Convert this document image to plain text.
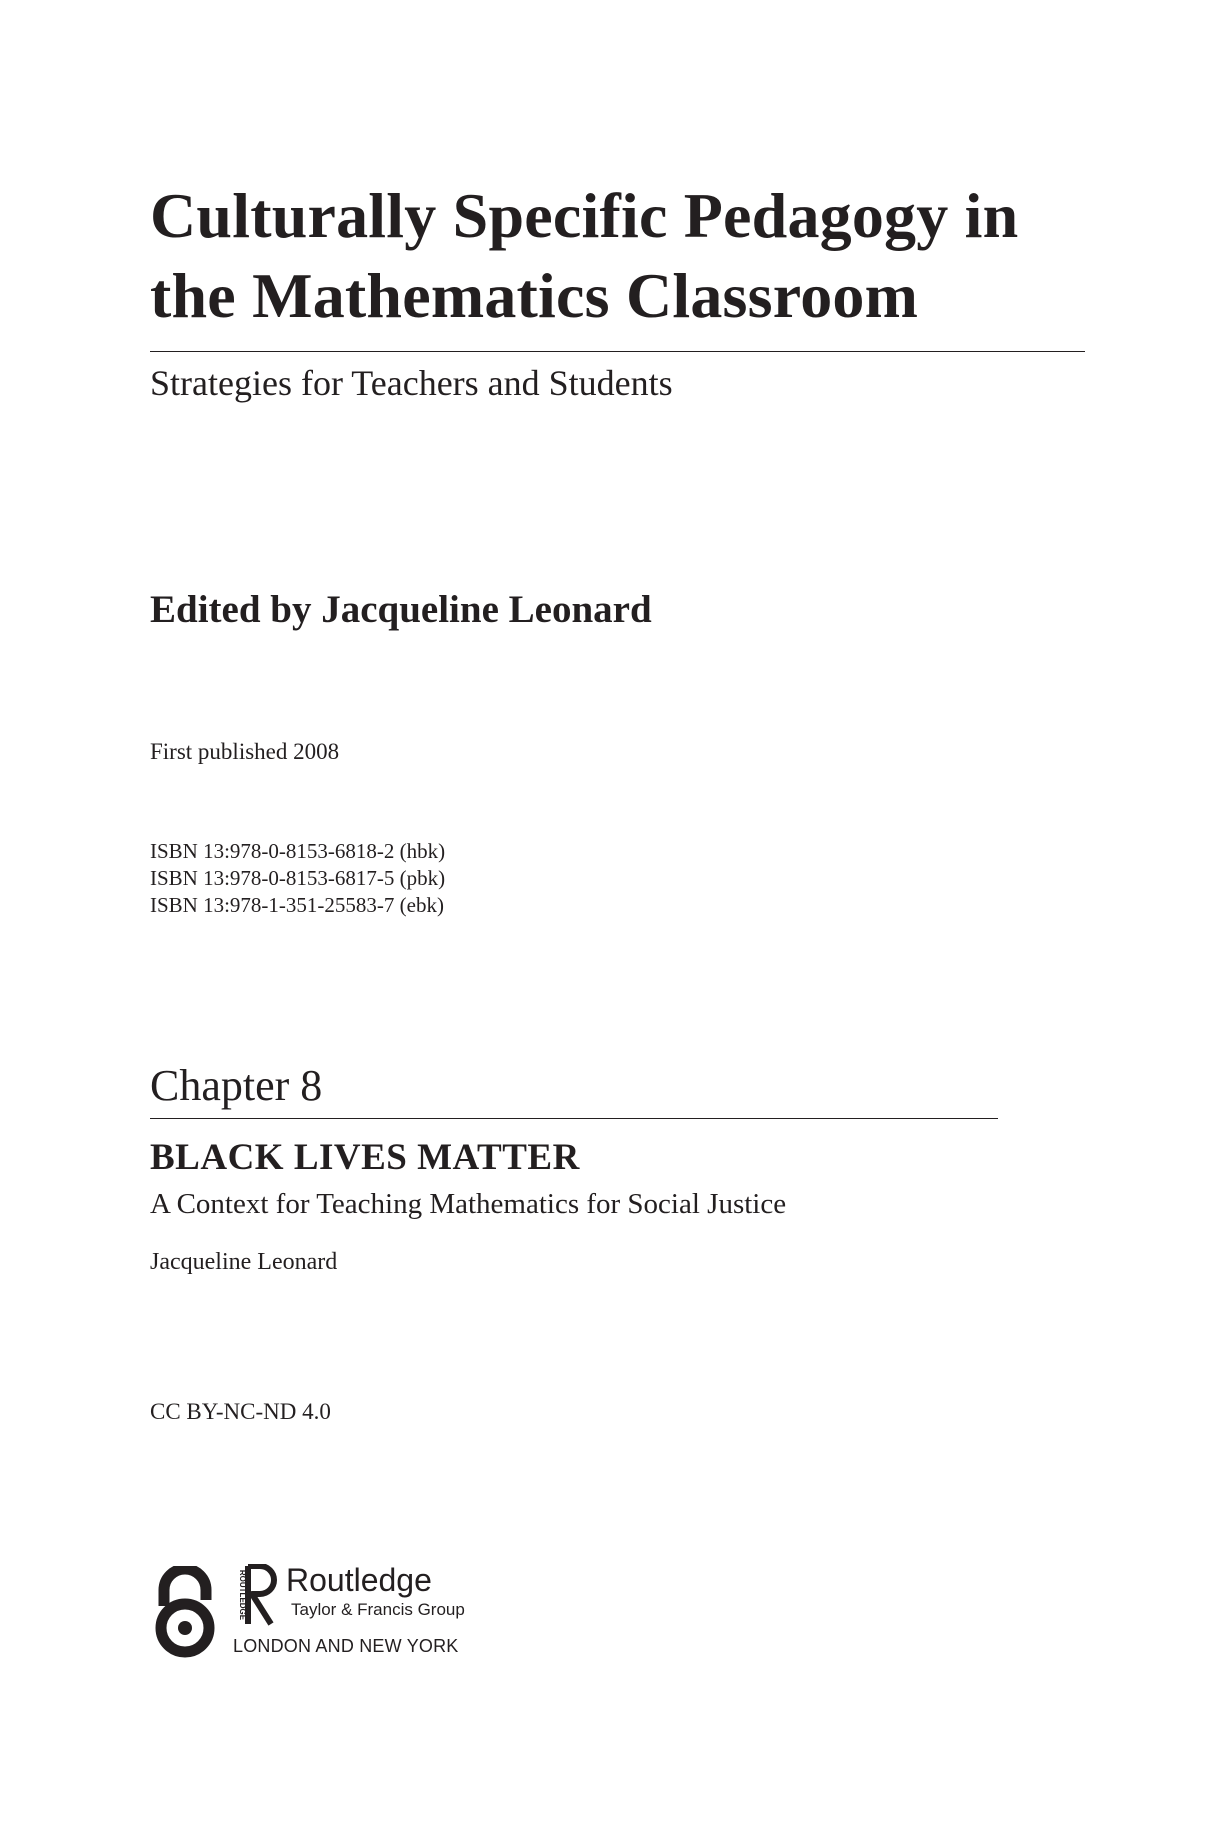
Culturally Specific Pedagogy in
the Mathematics Classroom
Strategies for Teachers and Students
Edited by Jacqueline Leonard
First published 2008
ISBN 13:978-0-8153-6818-2 (hbk)
ISBN 13:978-0-8153-6817-5 (pbk)
ISBN 13:978-1-351-25583-7 (ebk)
Chapter 8
BLACK LIVES MATTER
A Context for Teaching Mathematics for Social Justice
Jacqueline Leonard
CC BY-NC-ND 4.0
ROUTLEDGE Routledge
Taylor & Francis Group
LONDON AND NEW YORK
